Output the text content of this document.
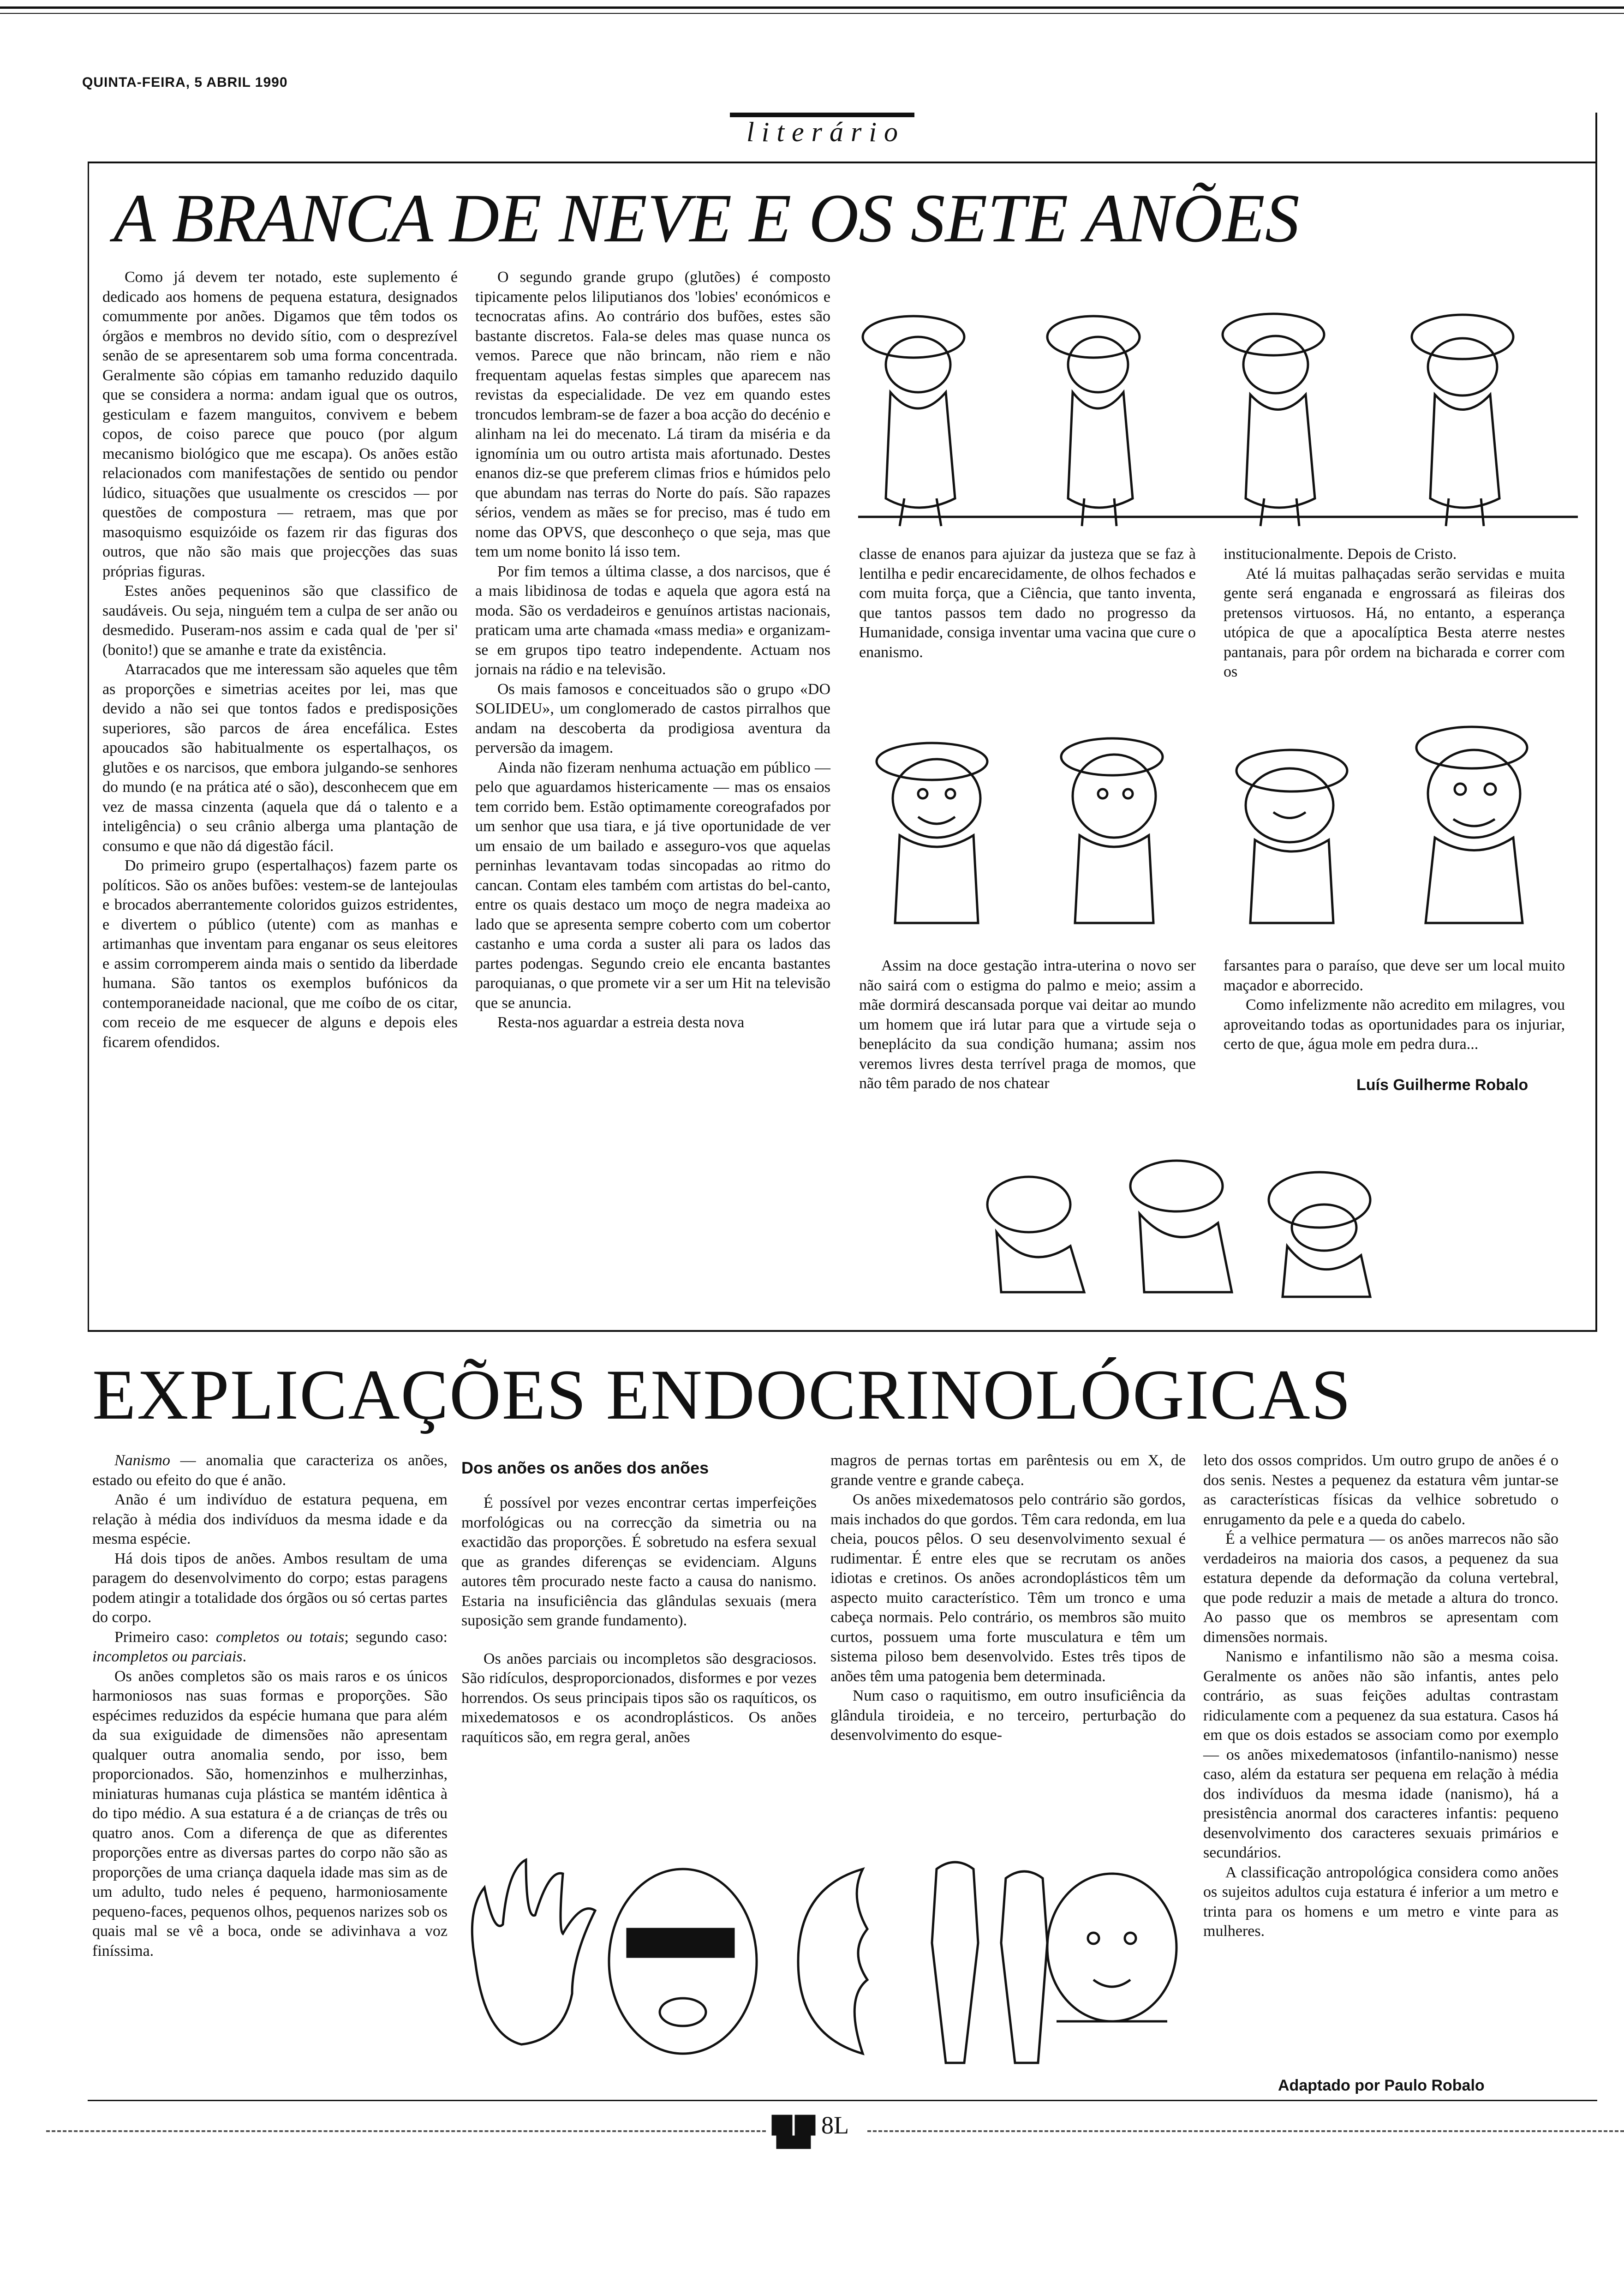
QUINTA-FEIRA, 5 ABRIL 1990
literário
A BRANCA DE NEVE E OS SETE ANÕES

Como já devem ter notado, este suplemento é dedicado aos homens de pequena estatura, designados comummente por anões. Digamos que têm todos os órgãos e membros no devido sítio, com o desprezível senão de se apresentarem sob uma forma concentrada. Geralmente são cópias em tamanho reduzido daquilo que se considera a norma: andam igual que os outros, gesticulam e fazem manguitos, convivem e bebem copos, de coiso parece que pouco (por algum mecanismo biológico que me escapa). Os anões estão relacionados com manifestações de sentido ou pendor lúdico, situações que usualmente os crescidos — por questões de compostura — retraem, mas que por masoquismo esquizóide os fazem rir das figuras dos outros, que não são mais que projecções das suas próprias figuras.

Estes anões pequeninos são que classifico de saudáveis. Ou seja, ninguém tem a culpa de ser anão ou desmedido. Puseram-nos assim e cada qual de 'per si' (bonito!) que se amanhe e trate da existência.

Atarracados que me interessam são aqueles que têm as proporções e simetrias aceites por lei, mas que devido a não sei que tontos fados e predisposições superiores, são parcos de área encefálica. Estes apoucados são habitualmente os espertalhaços, os glutões e os narcisos, que embora julgando-se senhores do mundo (e na prática até o são), desconhecem que em vez de massa cinzenta (aquela que dá o talento e a inteligência) o seu crânio alberga uma plantação de consumo e que não dá digestão fácil.

Do primeiro grupo (espertalhaços) fazem parte os políticos. São os anões bufões: vestem-se de lantejoulas e brocados aberrantemente coloridos guizos estridentes, e divertem o público (utente) com as manhas e artimanhas que inventam para enganar os seus eleitores e assim corromperem ainda mais o sentido da liberdade humana. São tantos os exemplos bufónicos da contemporaneidade nacional, que me coíbo de os citar, com receio de me esquecer de alguns e depois eles ficarem ofendidos.

O segundo grande grupo (glutões) é composto tipicamente pelos liliputianos dos 'lobies' económicos e tecnocratas afins. Ao contrário dos bufões, estes são bastante discretos. Fala-se deles mas quase nunca os vemos. Parece que não brincam, não riem e não frequentam aquelas festas simples que aparecem nas revistas da especialidade. De vez em quando estes troncudos lembram-se de fazer a boa acção do decénio e alinham na lei do mecenato. Lá tiram da miséria e da ignomínia um ou outro artista mais afortunado. Destes enanos diz-se que preferem climas frios e húmidos pelo que abundam nas terras do Norte do país. São rapazes sérios, vendem as mães se for preciso, mas é tudo em nome das OPVS, que desconheço o que seja, mas que tem um nome bonito lá isso tem.

Por fim temos a última classe, a dos narcisos, que é a mais libidinosa de todas e aquela que agora está na moda. São os verdadeiros e genuínos artistas nacionais, praticam uma arte chamada «mass media» e organizam-se em grupos tipo teatro independente. Actuam nos jornais na rádio e na televisão.

Os mais famosos e conceituados são o grupo «DO SOLIDEU», um conglomerado de castos pirralhos que andam na descoberta da prodigiosa aventura da perversão da imagem.

Ainda não fizeram nenhuma actuação em público — pelo que aguardamos histericamente — mas os ensaios tem corrido bem. Estão optimamente coreografados por um senhor que usa tiara, e já tive oportunidade de ver um ensaio de um bailado e asseguro-vos que aquelas perninhas levantavam todas sincopadas ao ritmo do cancan. Contam eles também com artistas do bel-canto, entre os quais destaco um moço de negra madeixa ao lado que se apresenta sempre coberto com um cobertor castanho e uma corda a suster ali para os lados das partes podengas. Segundo creio ele encanta bastantes paroquianas, o que promete vir a ser um Hit na televisão que se anuncia.

Resta-nos aguardar a estreia desta nova

classe de enanos para ajuizar da justeza que se faz à lentilha e pedir encarecidamente, de olhos fechados e com muita força, que a Ciência, que tanto inventa, que tantos passos tem dado no progresso da Humanidade, consiga inventar uma vacina que cure o enanismo.

institucionalmente. Depois de Cristo.

Até lá muitas palhaçadas serão servidas e muita gente será enganada e engrossará as fileiras dos pretensos virtuosos. Há, no entanto, a esperança utópica de que a apocalíptica Besta aterre nestes pantanais, para pôr ordem na bicharada e correr com os

Assim na doce gestação intra-uterina o novo ser não sairá com o estigma do palmo e meio; assim a mãe dormirá descansada porque vai deitar ao mundo um homem que irá lutar para que a virtude seja o beneplácito da sua condição humana; assim nos veremos livres desta terrível praga de momos, que não têm parado de nos chatear

farsantes para o paraíso, que deve ser um local muito maçador e aborrecido.

Como infelizmente não acredito em milagres, vou aproveitando todas as oportunidades para os injuriar, certo de que, água mole em pedra dura...

Luís Guilherme Robalo
EXPLICAÇÕES ENDOCRINOLÓGICAS

Nanismo — anomalia que caracteriza os anões, estado ou efeito do que é anão.

Anão é um indivíduo de estatura pequena, em relação à média dos indivíduos da mesma idade e da mesma espécie.

Há dois tipos de anões. Ambos resultam de uma paragem do desenvolvimento do corpo; estas paragens podem atingir a totalidade dos órgãos ou só certas partes do corpo.

Primeiro caso: completos ou totais; segundo caso: incompletos ou parciais.

Os anões completos são os mais raros e os únicos harmoniosos nas suas formas e proporções. São espécimes reduzidos da espécie humana que para além da sua exiguidade de dimensões não apresentam qualquer outra anomalia sendo, por isso, bem proporcionados. São, homenzinhos e mulherzinhas, miniaturas humanas cuja plástica se mantém idêntica à do tipo médio. A sua estatura é a de crianças de três ou quatro anos. Com a diferença de que as diferentes proporções entre as diversas partes do corpo não são as proporções de uma criança daquela idade mas sim as de um adulto, tudo neles é pequeno, harmoniosamente pequeno-faces, pequenos olhos, pequenos narizes sob os quais mal se vê a boca, onde se adivinhava a voz finíssima.

Dos anões os anões dos anões

É possível por vezes encontrar certas imperfeições morfológicas ou na correcção da simetria ou na exactidão das proporções. É sobretudo na esfera sexual que as grandes diferenças se evidenciam. Alguns autores têm procurado neste facto a causa do nanismo. Estaria na insuficiência das glândulas sexuais (mera suposição sem grande fundamento).

Os anões parciais ou incompletos são desgraciosos. São ridículos, desproporcionados, disformes e por vezes horrendos. Os seus principais tipos são os raquíticos, os mixedematosos e os acondroplásticos. Os anões raquíticos são, em regra geral, anões

magros de pernas tortas em parêntesis ou em X, de grande ventre e grande cabeça.

Os anões mixedematosos pelo contrário são gordos, mais inchados do que gordos. Têm cara redonda, em lua cheia, poucos pêlos. O seu desenvolvimento sexual é rudimentar. É entre eles que se recrutam os anões idiotas e cretinos. Os anões acrondoplásticos têm um aspecto muito característico. Têm um tronco e uma cabeça normais. Pelo contrário, os membros são muito curtos, possuem uma forte musculatura e têm um sistema piloso bem desenvolvido. Estes três tipos de anões têm uma patogenia bem determinada.

Num caso o raquitismo, em outro insuficiência da glândula tiroideia, e no terceiro, perturbação do desenvolvimento do esque-

leto dos ossos compridos. Um outro grupo de anões é o dos senis. Nestes a pequenez da estatura vêm juntar-se as características físicas da velhice sobretudo o enrugamento da pele e a queda do cabelo.

É a velhice permatura — os anões marrecos não são verdadeiros na maioria dos casos, a pequenez da sua estatura depende da deformação da coluna vertebral, que pode reduzir a mais de metade a altura do tronco. Ao passo que os membros se apresentam com dimensões normais.

Nanismo e infantilismo não são a mesma coisa. Geralmente os anões não são infantis, antes pelo contrário, as suas feições adultas contrastam ridiculamente com a pequenez da sua estatura. Casos há em que os dois estados se associam como por exemplo — os anões mixedematosos (infantilo-nanismo) nesse caso, além da estatura ser pequena em relação à média dos indivíduos da mesma idade (nanismo), há a presistência anormal dos caracteres infantis: pequeno desenvolvimento dos caracteres sexuais primários e secundários.

A classificação antropológica considera como anões os sujeitos adultos cuja estatura é inferior a um metro e trinta para os homens e um metro e vinte para as mulheres.

Adaptado por Paulo Robalo
8L
